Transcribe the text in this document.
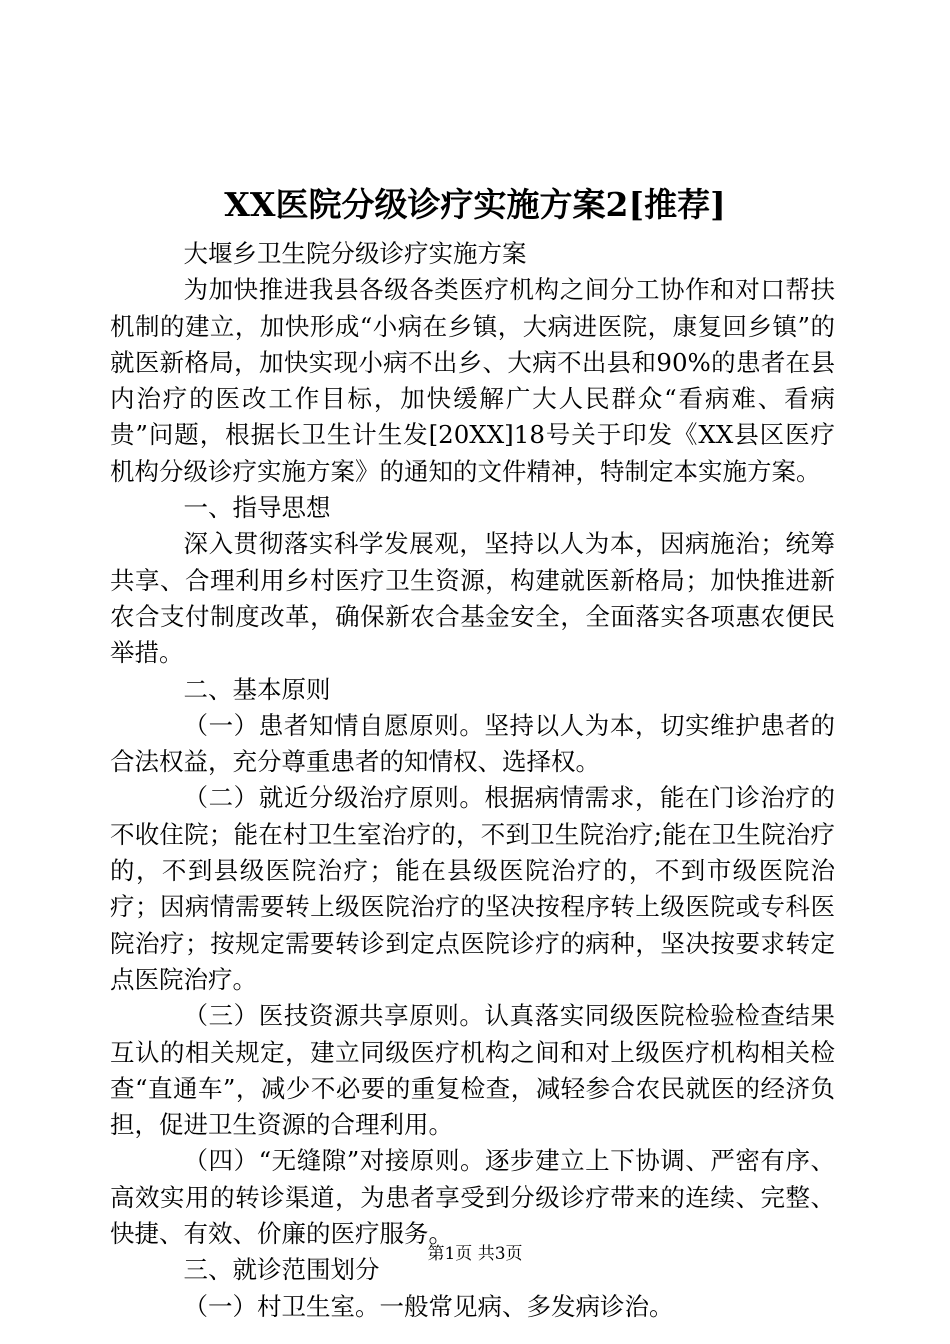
XX医院分级诊疗实施方案2[推荐]

大堰乡卫生院分级诊疗实施方案

为加快推进我县各级各类医疗机构之间分工协作和对口帮扶机制的建立，加快形成“小病在乡镇，大病进医院，康复回乡镇”的就医新格局，加快实现小病不出乡、大病不出县和90%的患者在县内治疗的医改工作目标，加快缓解广大人民群众“看病难、看病贵”问题，根据长卫生计生发[20XX]18号关于印发《XX县区医疗机构分级诊疗实施方案》的通知的文件精神，特制定本实施方案。

一、指导思想

深入贯彻落实科学发展观，坚持以人为本，因病施治；统筹共享、合理利用乡村医疗卫生资源，构建就医新格局；加快推进新农合支付制度改革，确保新农合基金安全，全面落实各项惠农便民举措。

二、基本原则

（一）患者知情自愿原则。坚持以人为本，切实维护患者的合法权益，充分尊重患者的知情权、选择权。

（二）就近分级治疗原则。根据病情需求，能在门诊治疗的不收住院；能在村卫生室治疗的，不到卫生院治疗;能在卫生院治疗的，不到县级医院治疗；能在县级医院治疗的，不到市级医院治疗；因病情需要转上级医院治疗的坚决按程序转上级医院或专科医院治疗；按规定需要转诊到定点医院诊疗的病种，坚决按要求转定点医院治疗。

（三）医技资源共享原则。认真落实同级医院检验检查结果互认的相关规定，建立同级医疗机构之间和对上级医疗机构相关检查“直通车”，减少不必要的重复检查，减轻参合农民就医的经济负担，促进卫生资源的合理利用。

（四）“无缝隙”对接原则。逐步建立上下协调、严密有序、高效实用的转诊渠道，为患者享受到分级诊疗带来的连续、完整、快捷、有效、价廉的医疗服务。

三、就诊范围划分

（一）村卫生室。一般常见病、多发病诊治。

第1页 共3页
